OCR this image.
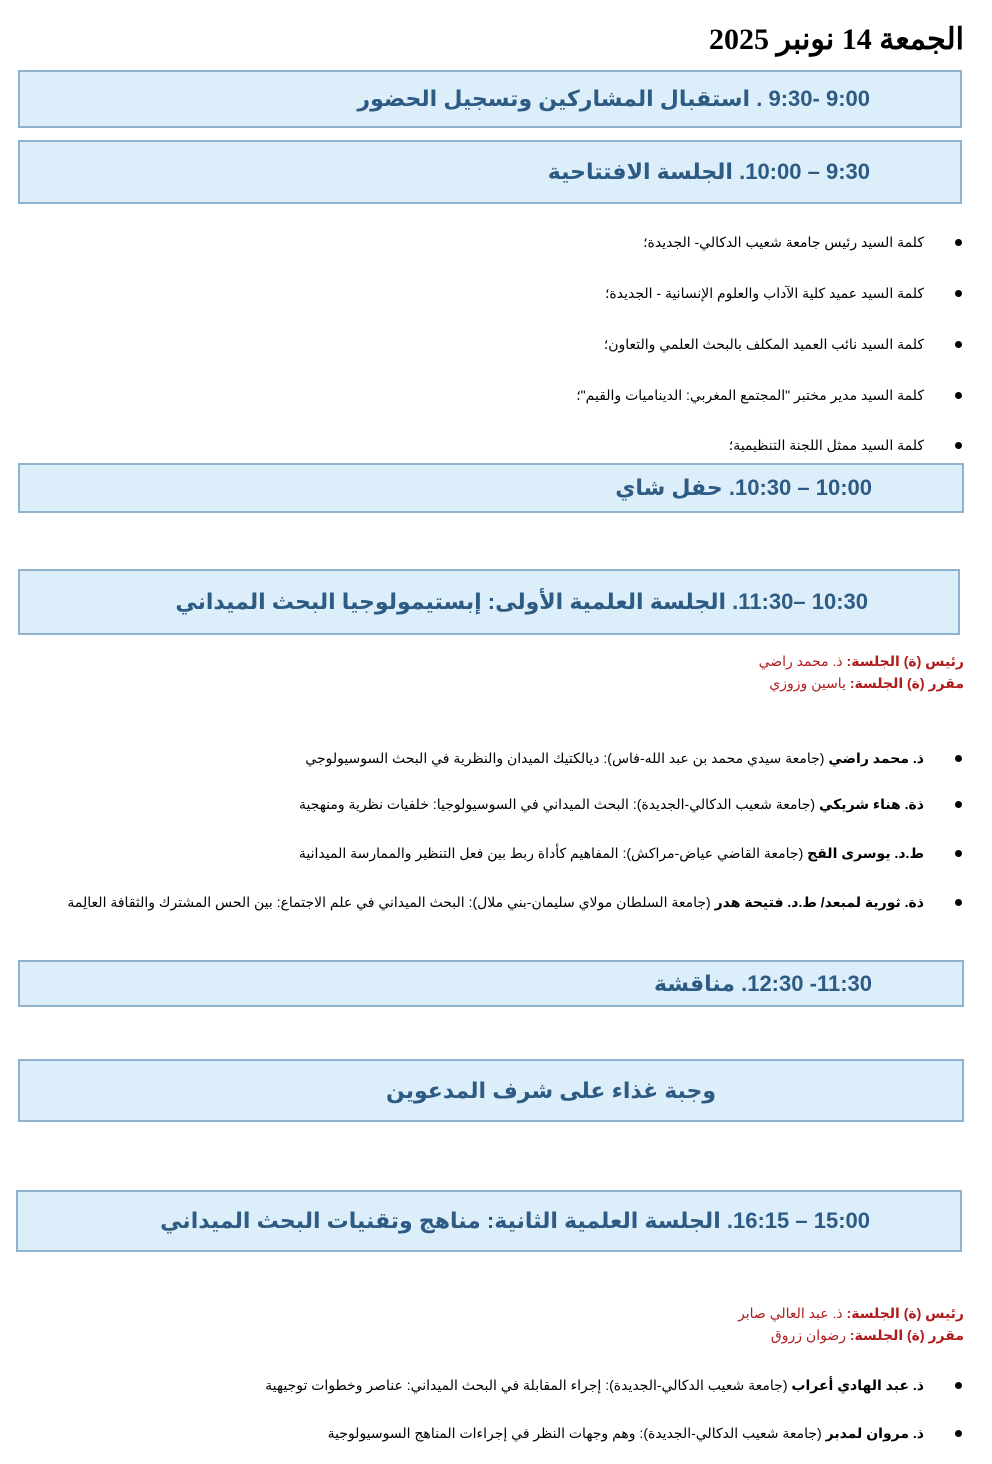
الجمعة 14 نونبر 2025
9:00 -9:30 . استقبال المشاركين وتسجيل الحضور
9:30 – 10:00. الجلسة الافتتاحية
كلمة السيد رئيس جامعة شعيب الدكالي- الجديدة؛
كلمة السيد عميد كلية الآداب والعلوم الإنسانية - الجديدة؛
كلمة السيد نائب العميد المكلف بالبحث العلمي والتعاون؛
كلمة السيد مدير مختبر "المجتمع المغربي: الديناميات والقيم"؛
كلمة السيد ممثل اللجنة التنظيمية؛
10:00 – 10:30. حفل شاي
10:30 –11:30. الجلسة العلمية الأولى: إبستيمولوجيا البحث الميداني
رئيس (ة) الجلسة: ذ. محمد راضي
مقرر (ة) الجلسة: ياسين وزوزي
ذ. محمد راضي (جامعة سيدي محمد بن عبد الله-فاس): ديالكتيك الميدان والنظرية في البحث السوسيولوجي
ذة. هناء شريكي (جامعة شعيب الدكالي-الجديدة): البحث الميداني في السوسيولوجيا: خلفيات نظرية ومنهجية
ط.د. يوسرى القج (جامعة القاضي عياض-مراكش): المفاهيم كأداة ربط بين فعل التنظير والممارسة الميدانية
ذة. ثورية لمبعد/ ط.د. فتيحة هدر (جامعة السلطان مولاي سليمان-بني ملال): البحث الميداني في علم الاجتماع: بين الحس المشترك والثقافة العالِمة
11:30- 12:30. مناقشة
وجبة غذاء على شرف المدعوين
15:00 – 16:15. الجلسة العلمية الثانية: مناهج وتقنيات البحث الميداني
رئيس (ة) الجلسة: ذ. عبد العالي صابر
مقرر (ة) الجلسة: رضوان زروق
ذ. عبد الهادي أعراب (جامعة شعيب الدكالي-الجديدة): إجراء المقابلة في البحث الميداني: عناصر وخطوات توجيهية
ذ. مروان لمدبر (جامعة شعيب الدكالي-الجديدة): وهم وجهات النظر في إجراءات المناهج السوسيولوجية
